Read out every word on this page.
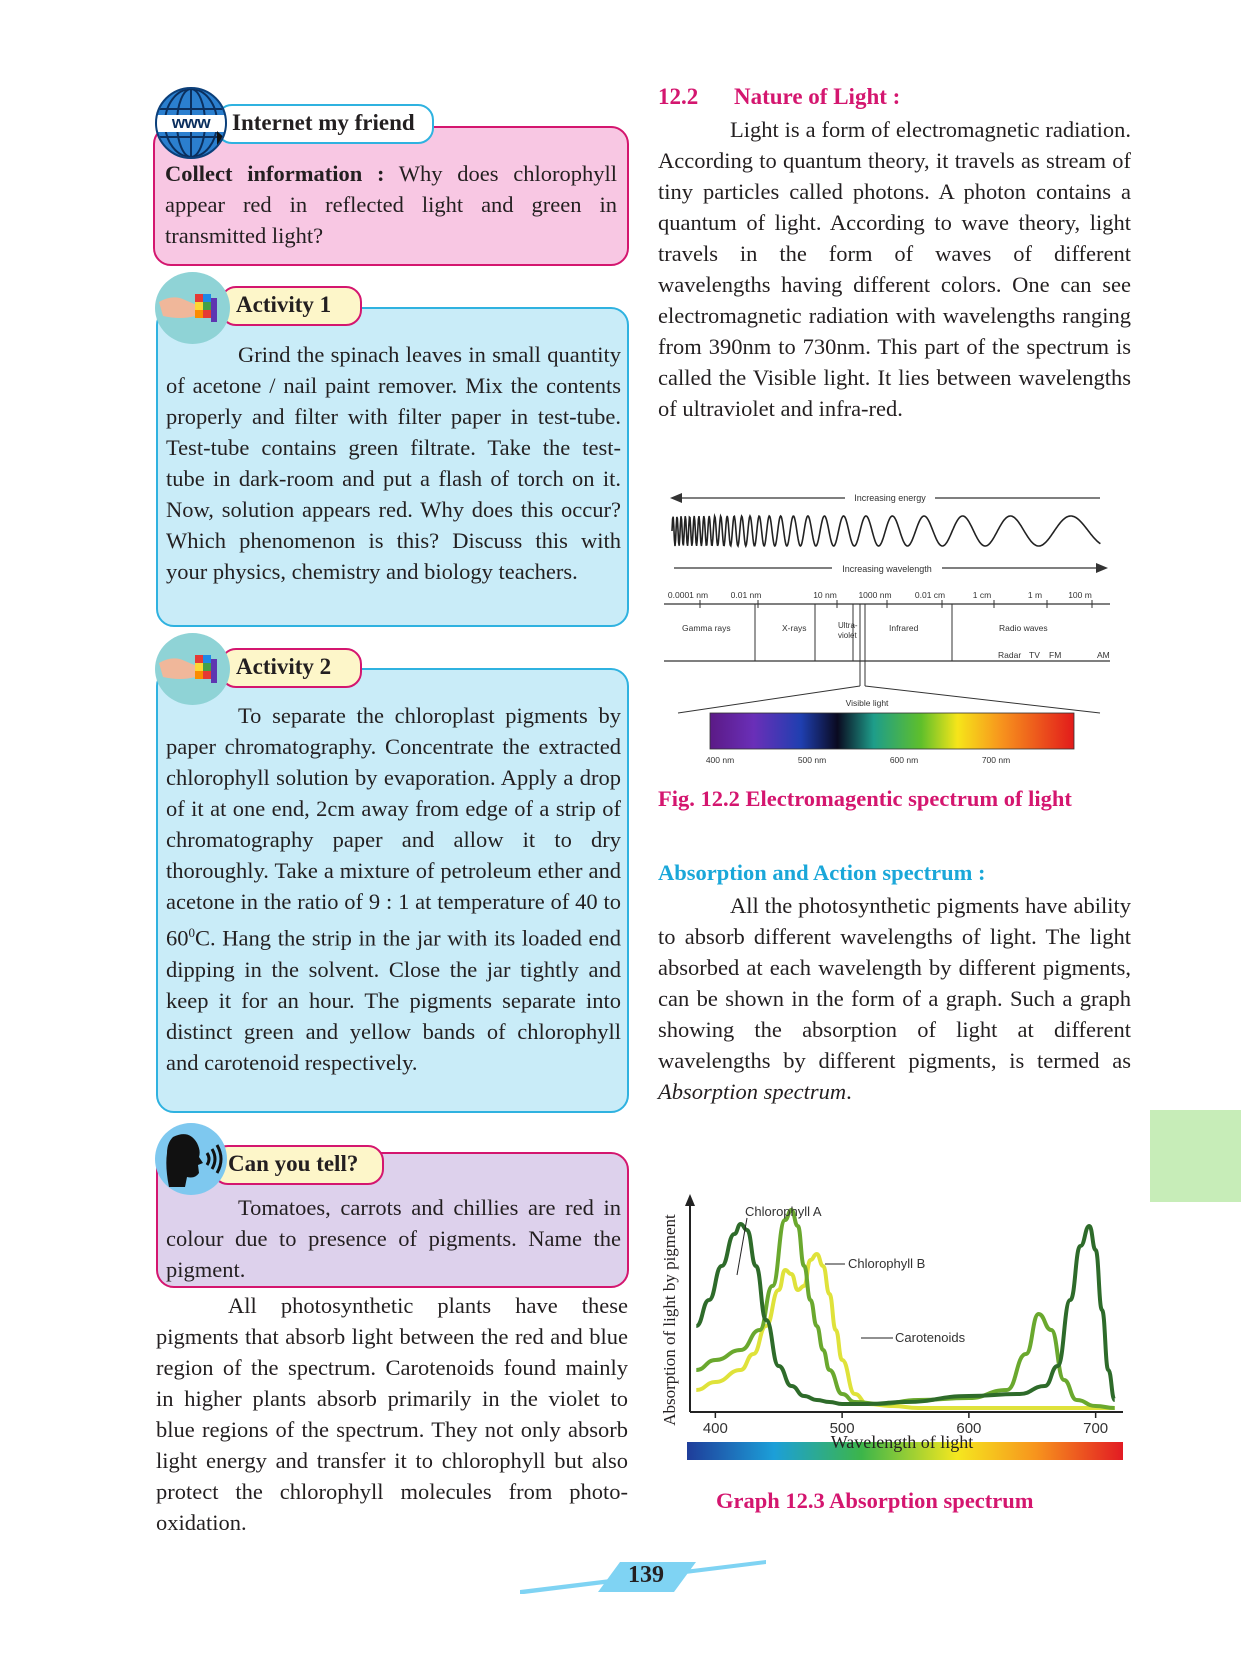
Collect information : Why does chlorophyll appear red in reflected light and green in transmitted light?
Internet my friend
www
Grind the spinach leaves in small quantity of acetone / nail paint remover. Mix the contents properly and filter with filter paper in test-tube. Test-tube contains green filtrate. Take the test-tube in dark-room and put a flash of torch on it. Now, solution appears red. Why does this occur? Which phenomenon is this? Discuss this with your physics, chemistry and biology teachers.
Activity 1
To separate the chloroplast pigments by paper chromatography. Concentrate the extracted chlorophyll solution by evaporation. Apply a drop of it at one end, 2cm away from edge of a strip of chromatography paper and allow it to dry thoroughly. Take a mixture of petroleum ether and acetone in the ratio of 9 : 1 at temperature of 40 to $60^0C$. Hang the strip in the jar with its loaded end dipping in the solvent. Close the jar tightly and keep it for an hour. The pigments separate into distinct green and yellow bands of chlorophyll and carotenoid respectively.
Activity 2
Tomatoes, carrots and chillies are red in colour due to presence of pigments. Name the pigment.
Can you tell?
All photosynthetic plants have these pigments that absorb light between the red and blue region of the spectrum. Carotenoids found mainly in higher plants absorb primarily in the violet to blue regions of the spectrum. They not only absorb light energy and transfer it to chlorophyll but also protect the chlorophyll molecules from photo-oxidation.
12.2 Nature of Light :
Light is a form of electromagnetic radiation. According to quantum theory, it travels as stream of tiny particles called photons. A photon contains a quantum of light. According to wave theory, light travels in the form of waves of different wavelengths having different colors. One can see electromagnetic radiation with wavelengths ranging from 390nm to 730nm. This part of the spectrum is called the Visible light. It lies between wavelengths of ultraviolet and infra-red.
Increasing energy
Increasing wavelength
0.0001 nm	0.01 nm	10 nm	1000 nm	0.01 cm	1 cm	1 m	100 m
Gamma rays	X-rays	Ultra-
violet
Infrared	Radio waves
Radar TV FM	AM
Visible light
400 nm	500 nm	600 nm	700 nm
Fig. 12.2 Electromagentic spectrum of light
Absorption and Action spectrum :
All the photosynthetic pigments have ability to absorb different wavelengths of light. The light absorbed at each wavelength by different pigments, can be shown in the form of a graph. Such a graph showing the absorption of light at different wavelengths by different pigments, is termed as Absorption spectrum.
Absorption of light by pigment
400	500	600	700
Chlorophyll A
Chlorophyll B
Carotenoids
Wavelength of light
Graph 12.3 Absorption spectrum
139
